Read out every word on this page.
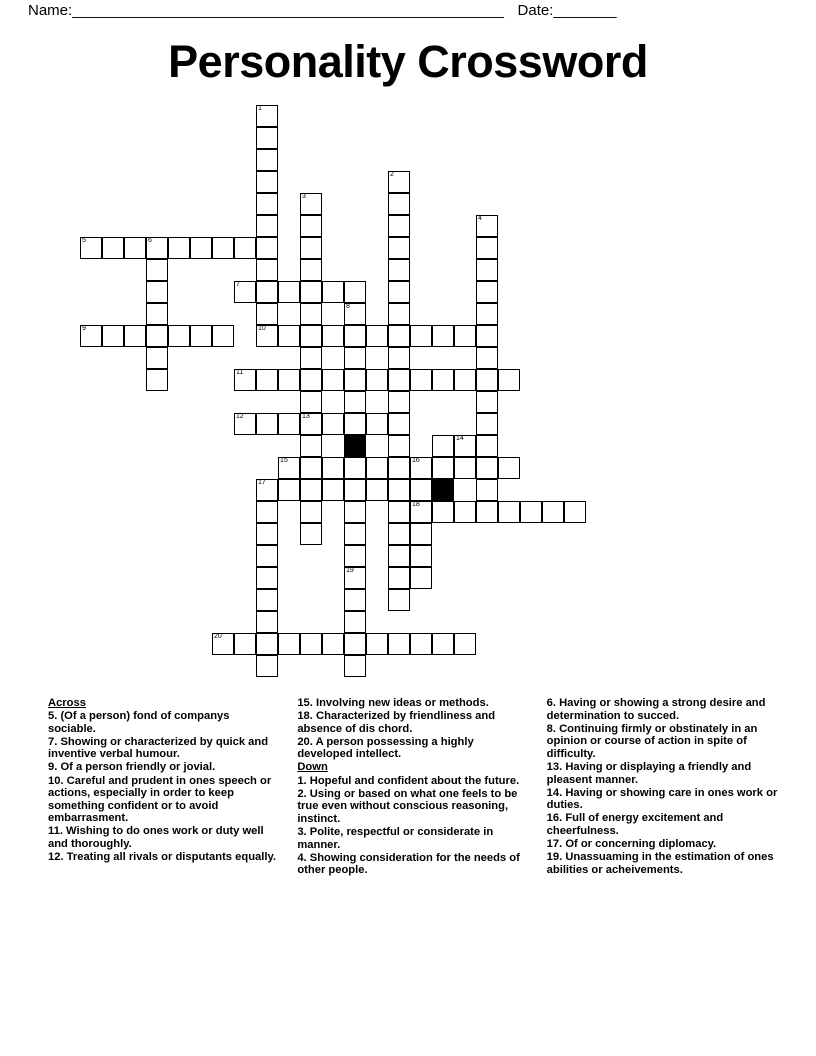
Name: _______________________________________________________ Date: ________
Personality Crossword
1
2
3
4
5	6
7
8
9	10
11
12	13
14
15	16
17
18
19
20

Across

5. (Of a person) fond of companys sociable.

7. Showing or characterized by quick and inventive verbal humour.

9. Of a person friendly or jovial.

10. Careful and prudent in ones speech or actions, especially in order to keep something confident or to avoid embarrasment.

11. Wishing to do ones work or duty well and thoroughly.

12. Treating all rivals or disputants equally.

15. Involving new ideas or methods.

18. Characterized by friendliness and absence of dis chord.

20. A person possessing a highly developed intellect.

Down

1. Hopeful and confident about the future.

2. Using or based on what one feels to be true even without conscious reasoning, instinct.

3. Polite, respectful or considerate in manner.

4. Showing consideration for the needs of other people.

6. Having or showing a strong desire and determination to succed.

8. Continuing firmly or obstinately in an opinion or course of action in spite of difficulty.

13. Having or displaying a friendly and pleasent manner.

14. Having or showing care in ones work or duties.

16. Full of energy excitement and cheerfulness.

17. Of or concerning diplomacy.

19. Unassuaming in the estimation of ones abilities or acheivements.
